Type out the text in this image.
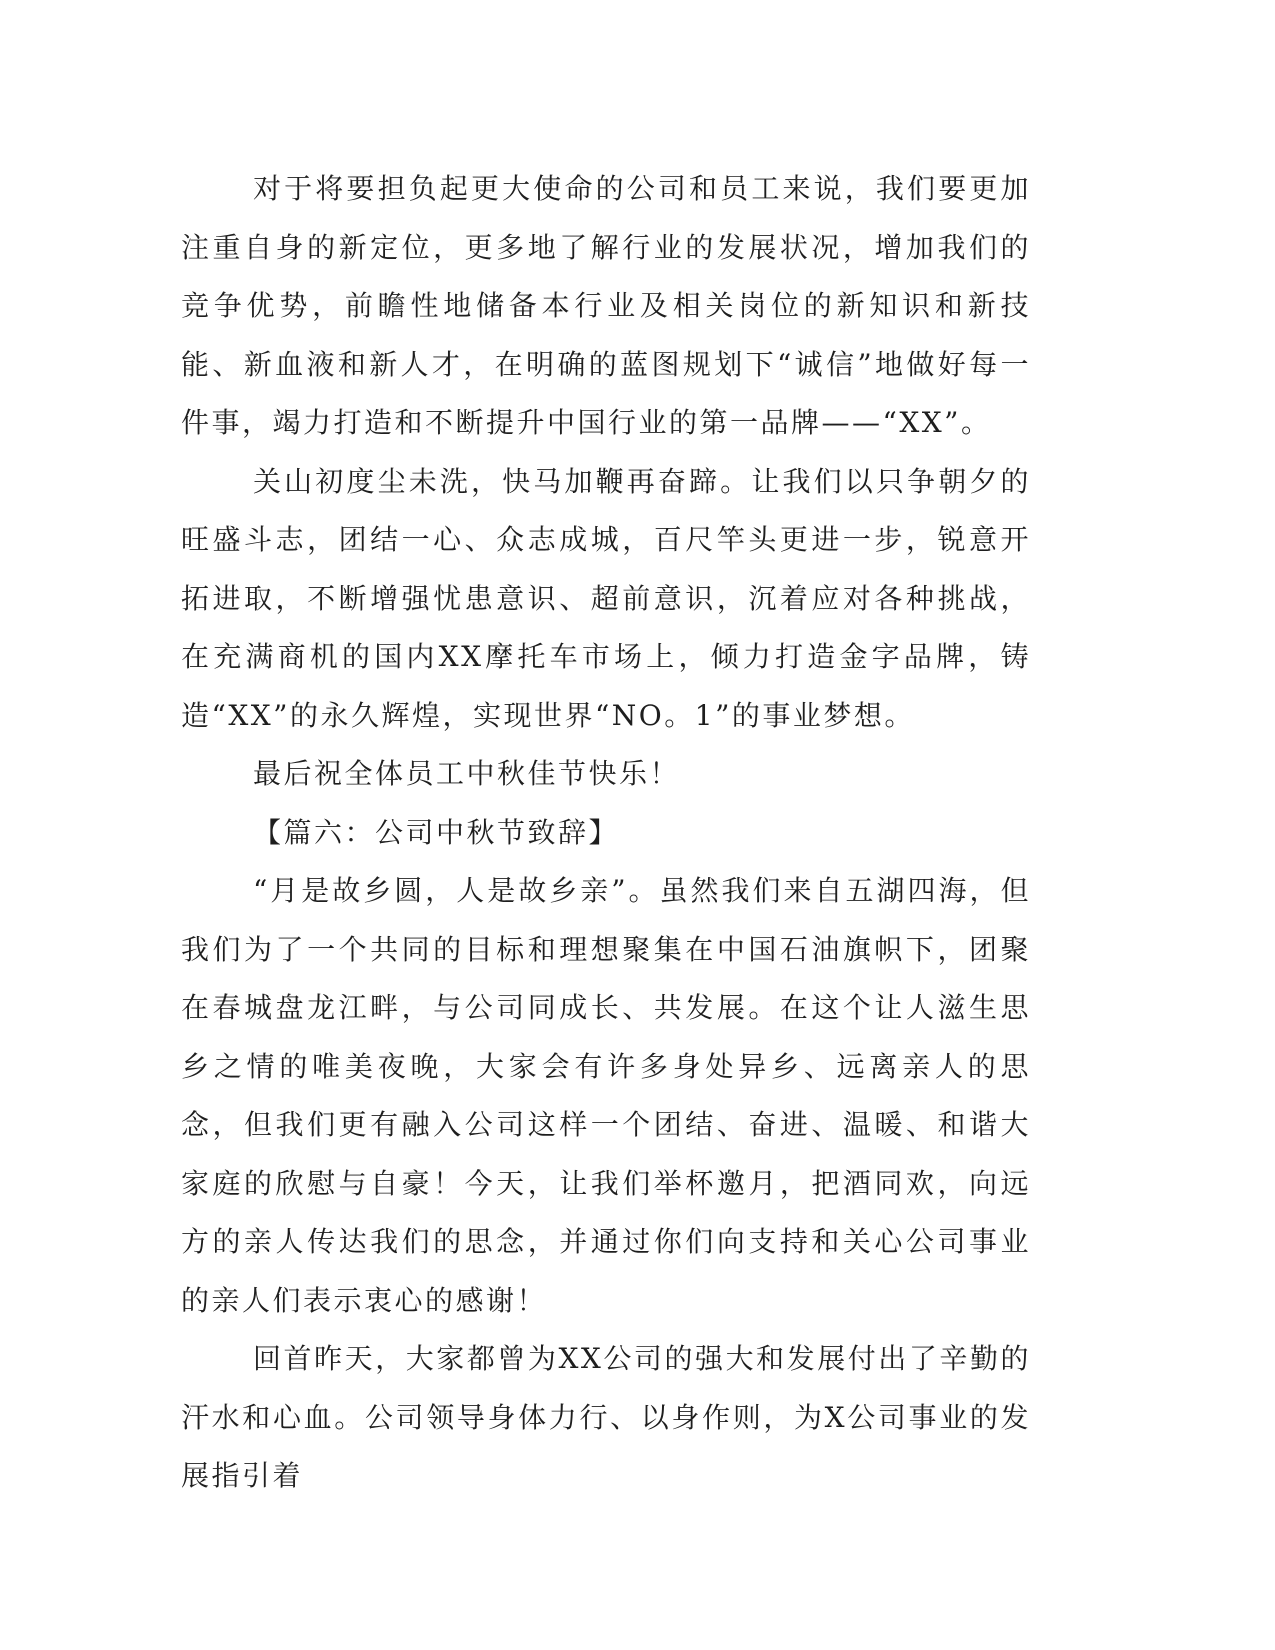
对于将要担负起更大使命的公司和员工来说，我们要更加注重自身的新定位，更多地了解行业的发展状况，增加我们的竞争优势，前瞻性地储备本行业及相关岗位的新知识和新技能、新血液和新人才，在明确的蓝图规划下“诚信”地做好每一件事，竭力打造和不断提升中国行业的第一品牌——“XX”。

关山初度尘未洗，快马加鞭再奋蹄。让我们以只争朝夕的旺盛斗志，团结一心、众志成城，百尺竿头更进一步，锐意开拓进取，不断增强忧患意识、超前意识，沉着应对各种挑战，在充满商机的国内XX摩托车市场上，倾力打造金字品牌，铸造“XX”的永久辉煌，实现世界“NO。1”的事业梦想。

最后祝全体员工中秋佳节快乐！

【篇六：公司中秋节致辞】

“月是故乡圆，人是故乡亲”。虽然我们来自五湖四海，但我们为了一个共同的目标和理想聚集在中国石油旗帜下，团聚在春城盘龙江畔，与公司同成长、共发展。在这个让人滋生思乡之情的唯美夜晚，大家会有许多身处异乡、远离亲人的思念，但我们更有融入公司这样一个团结、奋进、温暖、和谐大家庭的欣慰与自豪！今天，让我们举杯邀月，把酒同欢，向远方的亲人传达我们的思念，并通过你们向支持和关心公司事业的亲人们表示衷心的感谢！

回首昨天，大家都曾为XX公司的强大和发展付出了辛勤的汗水和心血。公司领导身体力行、以身作则，为X公司事业的发展指引着
